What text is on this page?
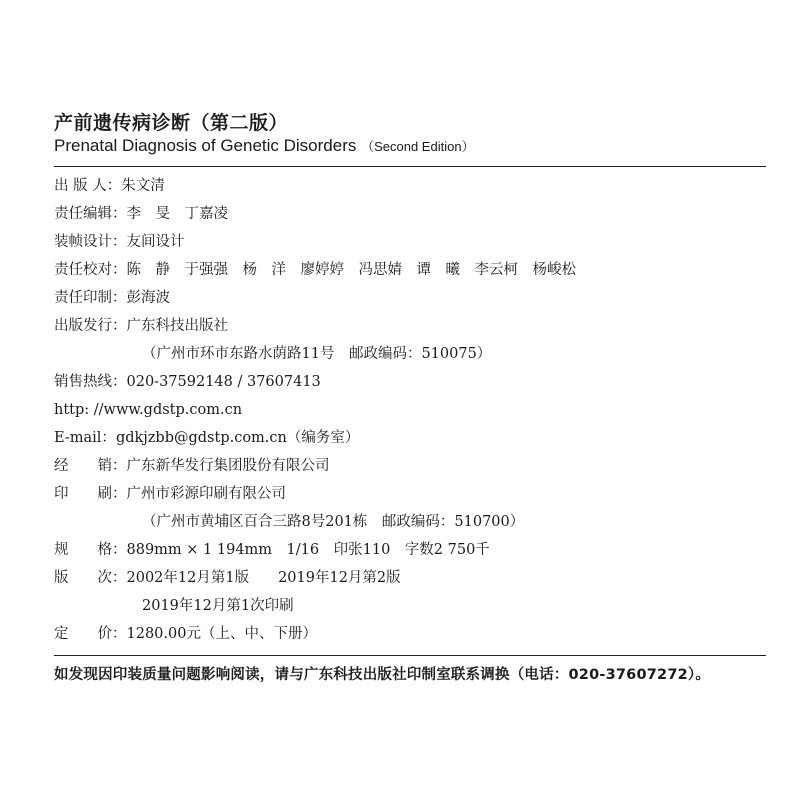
产前遗传病诊断（第二版）
Prenatal Diagnosis of Genetic Disorders （Second Edition）
出 版 人：朱文清
责任编辑：李　旻　丁嘉凌
装帧设计：友间设计
责任校对：陈　静　于强强　杨　洋　廖婷婷　冯思婧　谭　曦　李云柯　杨峻松
责任印制：彭海波
出版发行：广东科技出版社
（广州市环市东路水荫路11号　邮政编码：510075）
销售热线：020-37592148 / 37607413
http: //www.gdstp.com.cn
E-mail：gdkjzbb@gdstp.com.cn（编务室）
经　　销：广东新华发行集团股份有限公司
印　　刷：广州市彩源印刷有限公司
（广州市黄埔区百合三路8号201栋　邮政编码：510700）
规　　格：889mm × 1 194mm　1/16　印张110　字数2 750千
版　　次：2002年12月第1版　　2019年12月第2版
2019年12月第1次印刷
定　　价：1280.00元（上、中、下册）
如发现因印装质量问题影响阅读，请与广东科技出版社印制室联系调换（电话：020-37607272）。
